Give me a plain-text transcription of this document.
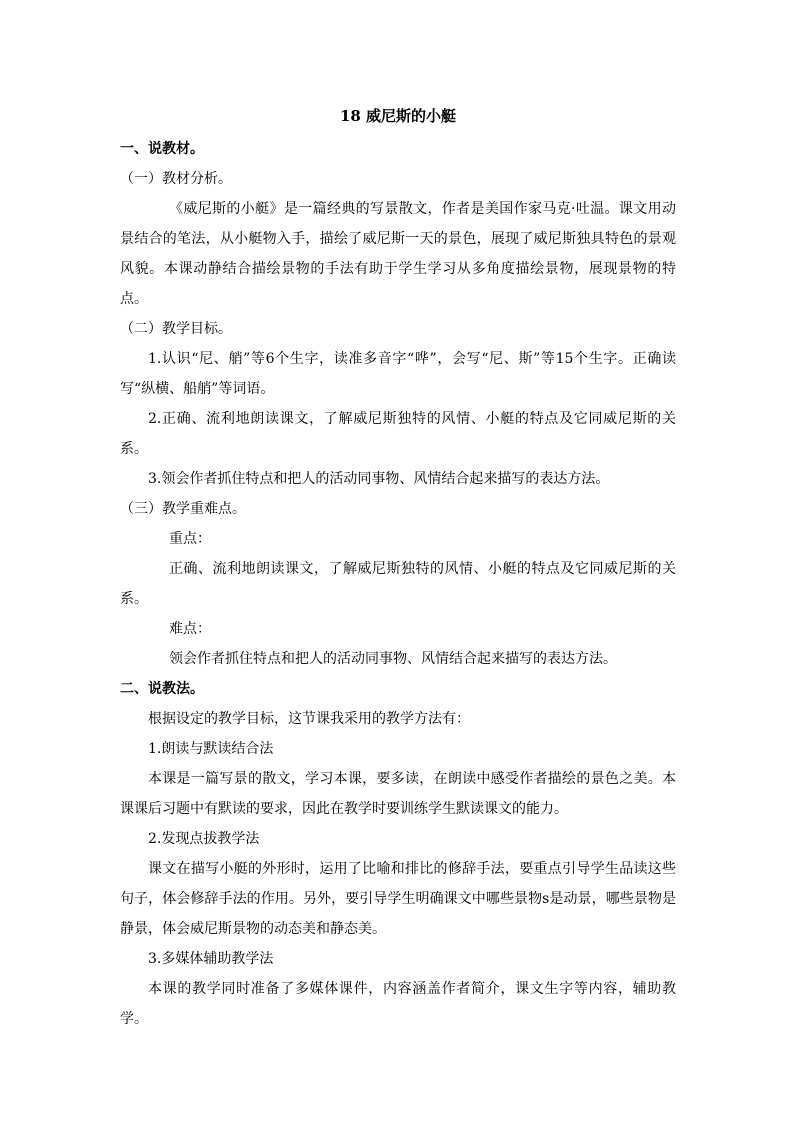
18 威尼斯的小艇

一、说教材。

（一）教材分析。

《威尼斯的小艇》是一篇经典的写景散文，作者是美国作家马克·吐温。课文用动景结合的笔法，从小艇物入手，描绘了威尼斯一天的景色，展现了威尼斯独具特色的景观风貌。本课动静结合描绘景物的手法有助于学生学习从多角度描绘景物，展现景物的特点。

（二）教学目标。

1.认识“尼、艄”等6个生字，读准多音字“哗”，会写“尼、斯”等15个生字。正确读写“纵横、船艄”等词语。

2.正确、流利地朗读课文，了解威尼斯独特的风情、小艇的特点及它同威尼斯的关系。

3.领会作者抓住特点和把人的活动同事物、风情结合起来描写的表达方法。

（三）教学重难点。

重点：

正确、流利地朗读课文，了解威尼斯独特的风情、小艇的特点及它同威尼斯的关系。

难点：

领会作者抓住特点和把人的活动同事物、风情结合起来描写的表达方法。

二、说教法。

根据设定的教学目标，这节课我采用的教学方法有：

1.朗读与默读结合法

本课是一篇写景的散文，学习本课，要多读，在朗读中感受作者描绘的景色之美。本课课后习题中有默读的要求，因此在教学时要训练学生默读课文的能力。

2.发现点拔教学法

课文在描写小艇的外形时，运用了比喻和排比的修辞手法，要重点引导学生品读这些句子，体会修辞手法的作用。另外，要引导学生明确课文中哪些景物s是动景，哪些景物是静景，体会威尼斯景物的动态美和静态美。

3.多媒体辅助教学法

本课的教学同时准备了多媒体课件，内容涵盖作者简介，课文生字等内容，辅助教学。
